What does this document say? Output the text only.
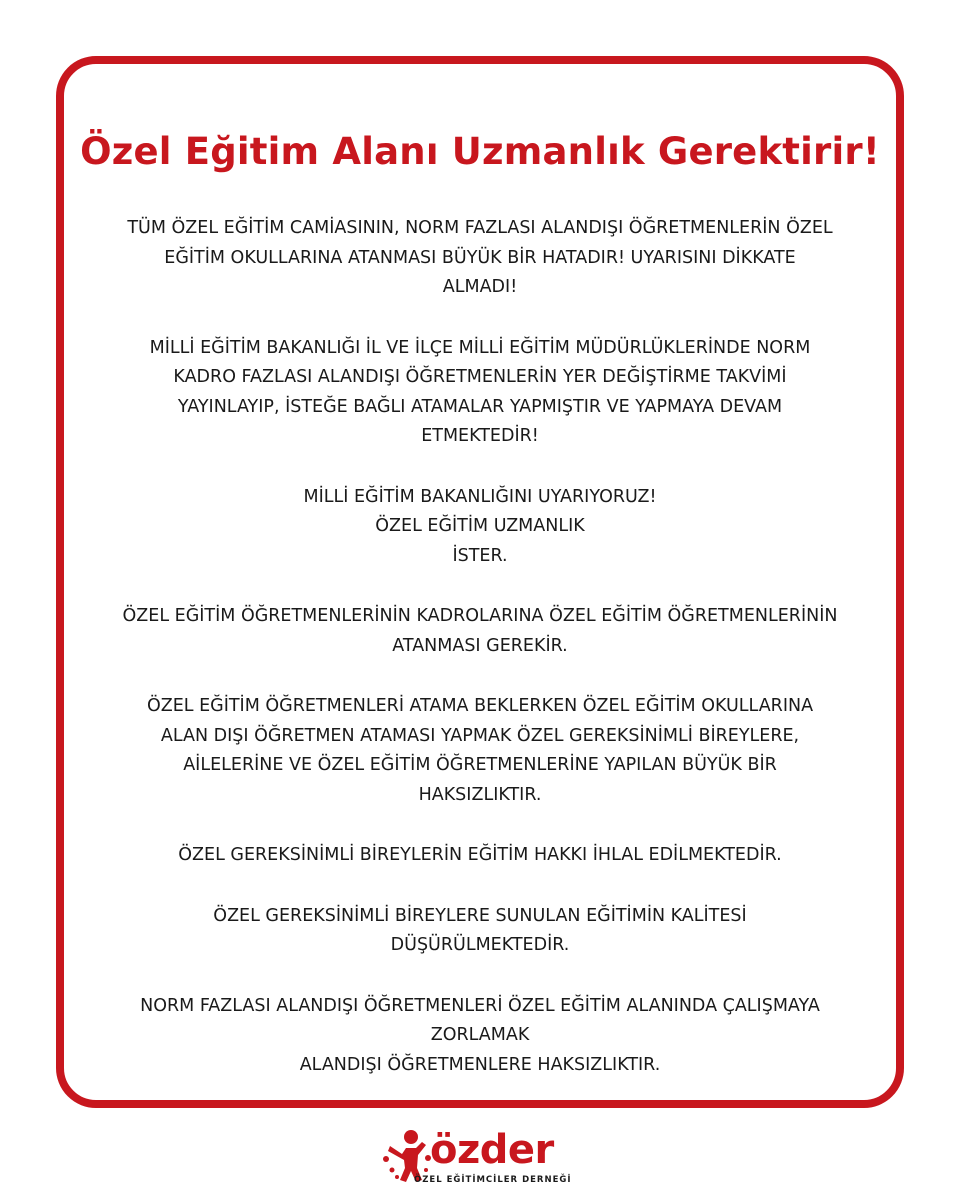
Özel Eğitim Alanı Uzmanlık Gerektirir!

TÜM ÖZEL EĞİTİM CAMİASININ, NORM FAZLASI ALANDIŞI ÖĞRETMENLERİN ÖZEL
EĞİTİM OKULLARINA ATANMASI BÜYÜK BİR HATADIR! UYARISINI DİKKATE
ALMADI!

MİLLİ EĞİTİM BAKANLIĞI İL VE İLÇE MİLLİ EĞİTİM MÜDÜRLÜKLERİNDE NORM
KADRO FAZLASI ALANDIŞI ÖĞRETMENLERİN YER DEĞİŞTİRME TAKVİMİ
YAYINLAYIP, İSTEĞE BAĞLI ATAMALAR YAPMIŞTIR VE YAPMAYA DEVAM
ETMEKTEDİR!

MİLLİ EĞİTİM BAKANLIĞINI UYARIYORUZ!
ÖZEL EĞİTİM UZMANLIK
İSTER.

ÖZEL EĞİTİM ÖĞRETMENLERİNİN KADROLARINA ÖZEL EĞİTİM ÖĞRETMENLERİNİN
ATANMASI GEREKİR.

ÖZEL EĞİTİM ÖĞRETMENLERİ ATAMA BEKLERKEN ÖZEL EĞİTİM OKULLARINA
ALAN DIŞI ÖĞRETMEN ATAMASI YAPMAK ÖZEL GEREKSİNİMLİ BİREYLERE,
AİLELERİNE VE ÖZEL EĞİTİM ÖĞRETMENLERİNE YAPILAN BÜYÜK BİR
HAKSIZLIKTIR.

ÖZEL GEREKSİNİMLİ BİREYLERİN EĞİTİM HAKKI İHLAL EDİLMEKTEDİR.

ÖZEL GEREKSİNİMLİ BİREYLERE SUNULAN EĞİTİMİN KALİTESİ
DÜŞÜRÜLMEKTEDİR.

NORM FAZLASI ALANDIŞI ÖĞRETMENLERİ ÖZEL EĞİTİM ALANINDA ÇALIŞMAYA
ZORLAMAK
ALANDIŞI ÖĞRETMENLERE HAKSIZLIKTIR.

özder
ÖZEL EĞİTİMCİLER DERNEĞİ
